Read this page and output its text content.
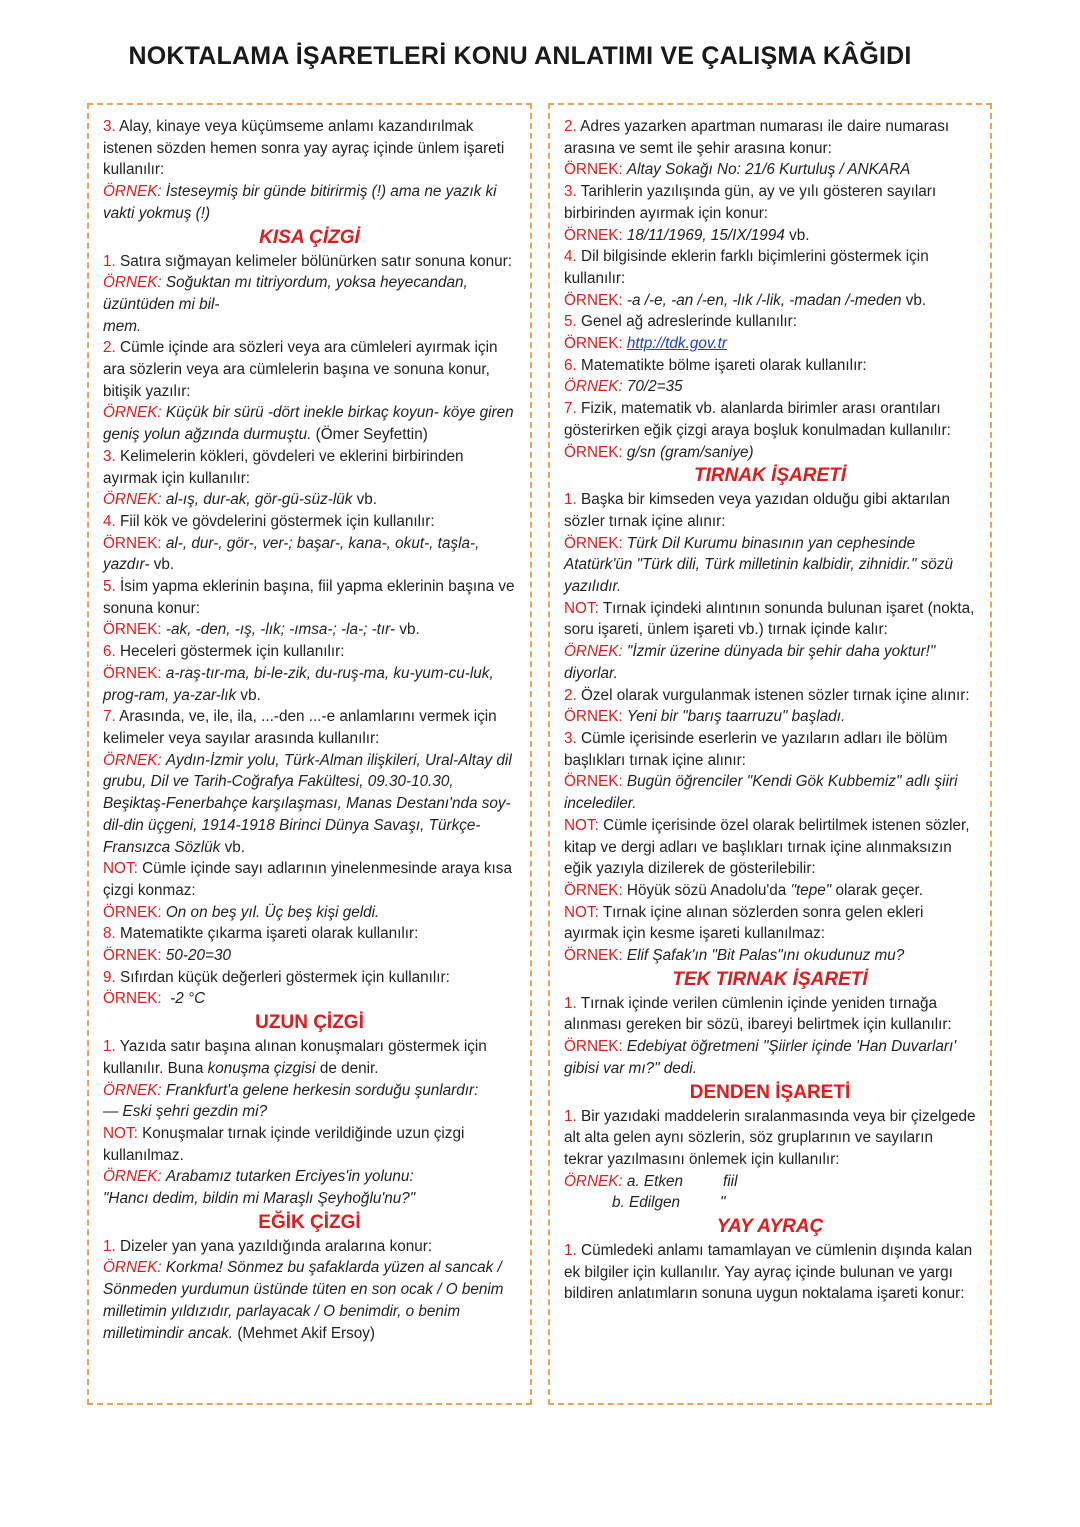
NOKTALAMA İŞARETLERİ KONU ANLATIMI VE ÇALIŞMA KÂĞIDI

3. Alay, kinaye veya küçümseme anlamı kazandırılmak istenen sözden hemen sonra yay ayraç içinde ünlem işareti kullanılır:

ÖRNEK: İsteseymiş bir günde bitirirmiş (!) ama ne yazık ki vakti yokmuş (!)

KISA ÇİZGİ

1. Satıra sığmayan kelimeler bölünürken satır sonuna konur:

ÖRNEK: Soğuktan mı titriyordum, yoksa heyecandan, üzüntüden mi bil-
mem.

2. Cümle içinde ara sözleri veya ara cümleleri ayırmak için ara sözlerin veya ara cümlelerin başına ve sonuna konur, bitişik yazılır:

ÖRNEK: Küçük bir sürü -dört inekle birkaç koyun- köye giren geniş yolun ağzında durmuştu. (Ömer Seyfettin)

3. Kelimelerin kökleri, gövdeleri ve eklerini birbirinden ayırmak için kullanılır:

ÖRNEK: al-ış, dur-ak, gör-gü-süz-lük vb.

4. Fiil kök ve gövdelerini göstermek için kullanılır:

ÖRNEK: al-, dur-, gör-, ver-; başar-, kana-, okut-, taşla-, yazdır- vb.

5. İsim yapma eklerinin başına, fiil yapma eklerinin başına ve sonuna konur:

ÖRNEK: -ak, -den, -ış, -lık; -ımsa-; -la-; -tır- vb.

6. Heceleri göstermek için kullanılır:

ÖRNEK: a-raş-tır-ma, bi-le-zik, du-ruş-ma, ku-yum-cu-luk, prog-ram, ya-zar-lık vb.

7. Arasında, ve, ile, ila, ...-den ...-e anlamlarını vermek için kelimeler veya sayılar arasında kullanılır:

ÖRNEK: Aydın-İzmir yolu, Türk-Alman ilişkileri, Ural-Altay dil grubu, Dil ve Tarih-Coğrafya Fakültesi, 09.30-10.30, Beşiktaş-Fenerbahçe karşılaşması, Manas Destanı'nda soy-dil-din üçgeni, 1914-1918 Birinci Dünya Savaşı, Türkçe-Fransızca Sözlük vb.

NOT: Cümle içinde sayı adlarının yinelenmesinde araya kısa çizgi konmaz:

ÖRNEK: On on beş yıl. Üç beş kişi geldi.

8. Matematikte çıkarma işareti olarak kullanılır:

ÖRNEK: 50-20=30

9. Sıfırdan küçük değerleri göstermek için kullanılır:

ÖRNEK: -2 °C

UZUN ÇİZGİ

1. Yazıda satır başına alınan konuşmaları göstermek için kullanılır. Buna konuşma çizgisi de denir.

ÖRNEK: Frankfurt'a gelene herkesin sorduğu şunlardır:
— Eski şehri gezdin mi?

NOT: Konuşmalar tırnak içinde verildiğinde uzun çizgi kullanılmaz.

ÖRNEK: Arabamız tutarken Erciyes'in yolunu:
"Hancı dedim, bildin mi Maraşlı Şeyhoğlu'nu?"

EĞİK ÇİZGİ

1. Dizeler yan yana yazıldığında aralarına konur:

ÖRNEK: Korkma! Sönmez bu şafaklarda yüzen al sancak / Sönmeden yurdumun üstünde tüten en son ocak / O benim milletimin yıldızıdır, parlayacak / O benimdir, o benim milletimindir ancak. (Mehmet Akif Ersoy)

2. Adres yazarken apartman numarası ile daire numarası arasına ve semt ile şehir arasına konur:

ÖRNEK: Altay Sokağı No: 21/6 Kurtuluş / ANKARA

3. Tarihlerin yazılışında gün, ay ve yılı gösteren sayıları birbirinden ayırmak için konur:

ÖRNEK: 18/11/1969, 15/IX/1994 vb.

4. Dil bilgisinde eklerin farklı biçimlerini göstermek için kullanılır:

ÖRNEK: -a /-e, -an /-en, -lık /-lik, -madan /-meden vb.

5. Genel ağ adreslerinde kullanılır:

ÖRNEK: http://tdk.gov.tr

6. Matematikte bölme işareti olarak kullanılır:

ÖRNEK: 70/2=35

7. Fizik, matematik vb. alanlarda birimler arası orantıları gösterirken eğik çizgi araya boşluk konulmadan kullanılır:

ÖRNEK: g/sn (gram/saniye)

TIRNAK İŞARETİ

1. Başka bir kimseden veya yazıdan olduğu gibi aktarılan sözler tırnak içine alınır:

ÖRNEK: Türk Dil Kurumu binasının yan cephesinde Atatürk'ün "Türk dili, Türk milletinin kalbidir, zihnidir." sözü yazılıdır.

NOT: Tırnak içindeki alıntının sonunda bulunan işaret (nokta, soru işareti, ünlem işareti vb.) tırnak içinde kalır:

ÖRNEK: "İzmir üzerine dünyada bir şehir daha yoktur!" diyorlar.

2. Özel olarak vurgulanmak istenen sözler tırnak içine alınır:

ÖRNEK: Yeni bir "barış taarruzu" başladı.

3. Cümle içerisinde eserlerin ve yazıların adları ile bölüm başlıkları tırnak içine alınır:

ÖRNEK: Bugün öğrenciler "Kendi Gök Kubbemiz" adlı şiiri incelediler.

NOT: Cümle içerisinde özel olarak belirtilmek istenen sözler, kitap ve dergi adları ve başlıkları tırnak içine alınmaksızın eğik yazıyla dizilerek de gösterilebilir:

ÖRNEK: Höyük sözü Anadolu'da "tepe" olarak geçer.

NOT: Tırnak içine alınan sözlerden sonra gelen ekleri ayırmak için kesme işareti kullanılmaz:

ÖRNEK: Elif Şafak'ın "Bit Palas"ını okudunuz mu?

TEK TIRNAK İŞARETİ

1. Tırnak içinde verilen cümlenin içinde yeniden tırnağa alınması gereken bir sözü, ibareyi belirtmek için kullanılır:

ÖRNEK: Edebiyat öğretmeni "Şiirler içinde 'Han Duvarları' gibisi var mı?" dedi.

DENDEN İŞARETİ

1. Bir yazıdaki maddelerin sıralanmasında veya bir çizelgede alt alta gelen aynı sözlerin, söz gruplarının ve sayıların tekrar yazılmasını önlemek için kullanılır:

ÖRNEK: a. Etken	fiil

b. Edilgen	"

YAY AYRAÇ

1. Cümledeki anlamı tamamlayan ve cümlenin dışında kalan ek bilgiler için kullanılır. Yay ayraç içinde bulunan ve yargı bildiren anlatımların sonuna uygun noktalama işareti konur:
